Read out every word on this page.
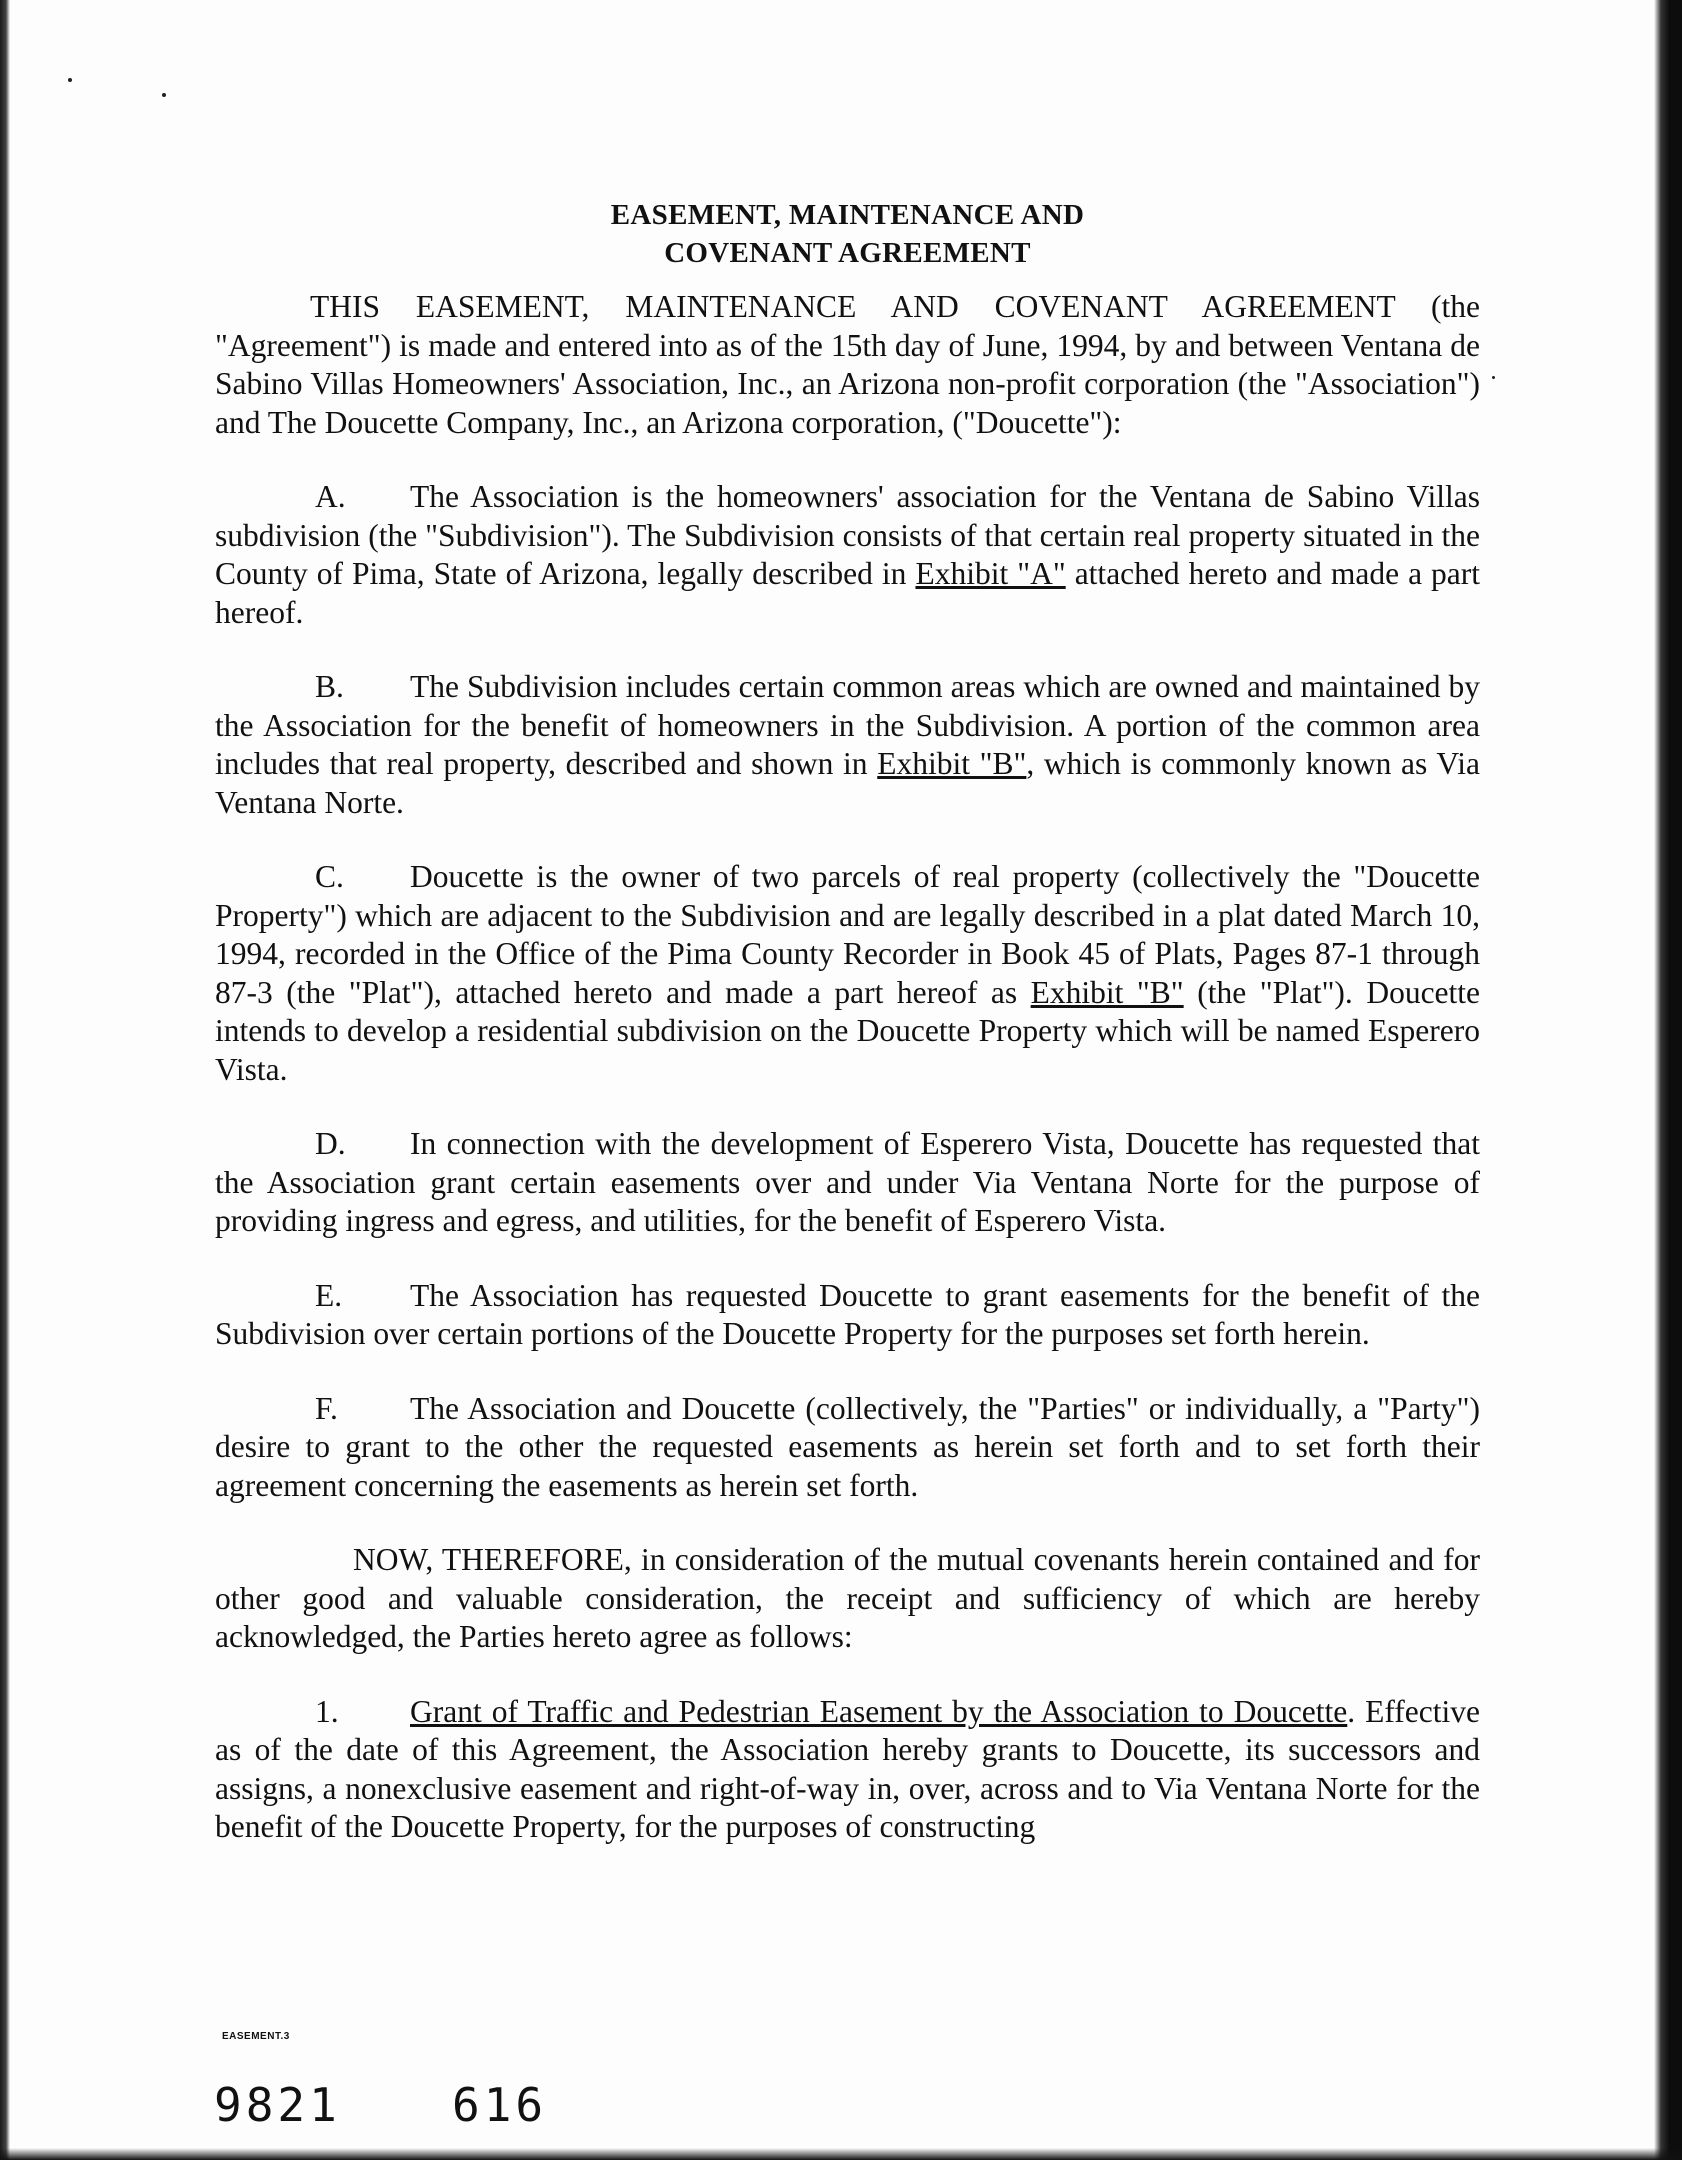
EASEMENT, MAINTENANCE AND
COVENANT AGREEMENT

THIS EASEMENT, MAINTENANCE AND COVENANT AGREEMENT (the "Agreement") is made and entered into as of the 15th day of June, 1994, by and between Ventana de Sabino Villas Homeowners' Association, Inc., an Arizona non-profit corporation (the "Association") and The Doucette Company, Inc., an Arizona corporation, ("Doucette"):

A. The Association is the homeowners' association for the Ventana de Sabino Villas subdivision (the "Subdivision"). The Subdivision consists of that certain real property situated in the County of Pima, State of Arizona, legally described in Exhibit "A" attached hereto and made a part hereof.

B. The Subdivision includes certain common areas which are owned and maintained by the Association for the benefit of homeowners in the Subdivision. A portion of the common area includes that real property, described and shown in Exhibit "B", which is commonly known as Via Ventana Norte.

C. Doucette is the owner of two parcels of real property (collectively the "Doucette Property") which are adjacent to the Subdivision and are legally described in a plat dated March 10, 1994, recorded in the Office of the Pima County Recorder in Book 45 of Plats, Pages 87-1 through 87-3 (the "Plat"), attached hereto and made a part hereof as Exhibit "B" (the "Plat"). Doucette intends to develop a residential subdivision on the Doucette Property which will be named Esperero Vista.

D. In connection with the development of Esperero Vista, Doucette has requested that the Association grant certain easements over and under Via Ventana Norte for the purpose of providing ingress and egress, and utilities, for the benefit of Esperero Vista.

E. The Association has requested Doucette to grant easements for the benefit of the Subdivision over certain portions of the Doucette Property for the purposes set forth herein.

F. The Association and Doucette (collectively, the "Parties" or individually, a "Party") desire to grant to the other the requested easements as herein set forth and to set forth their agreement concerning the easements as herein set forth.

NOW, THEREFORE, in consideration of the mutual covenants herein contained and for other good and valuable consideration, the receipt and sufficiency of which are hereby acknowledged, the Parties hereto agree as follows:

1. Grant of Traffic and Pedestrian Easement by the Association to Doucette. Effective as of the date of this Agreement, the Association hereby grants to Doucette, its successors and assigns, a nonexclusive easement and right-of-way in, over, across and to Via Ventana Norte for the benefit of the Doucette Property, for the purposes of constructing

EASEMENT.3
9821 616
